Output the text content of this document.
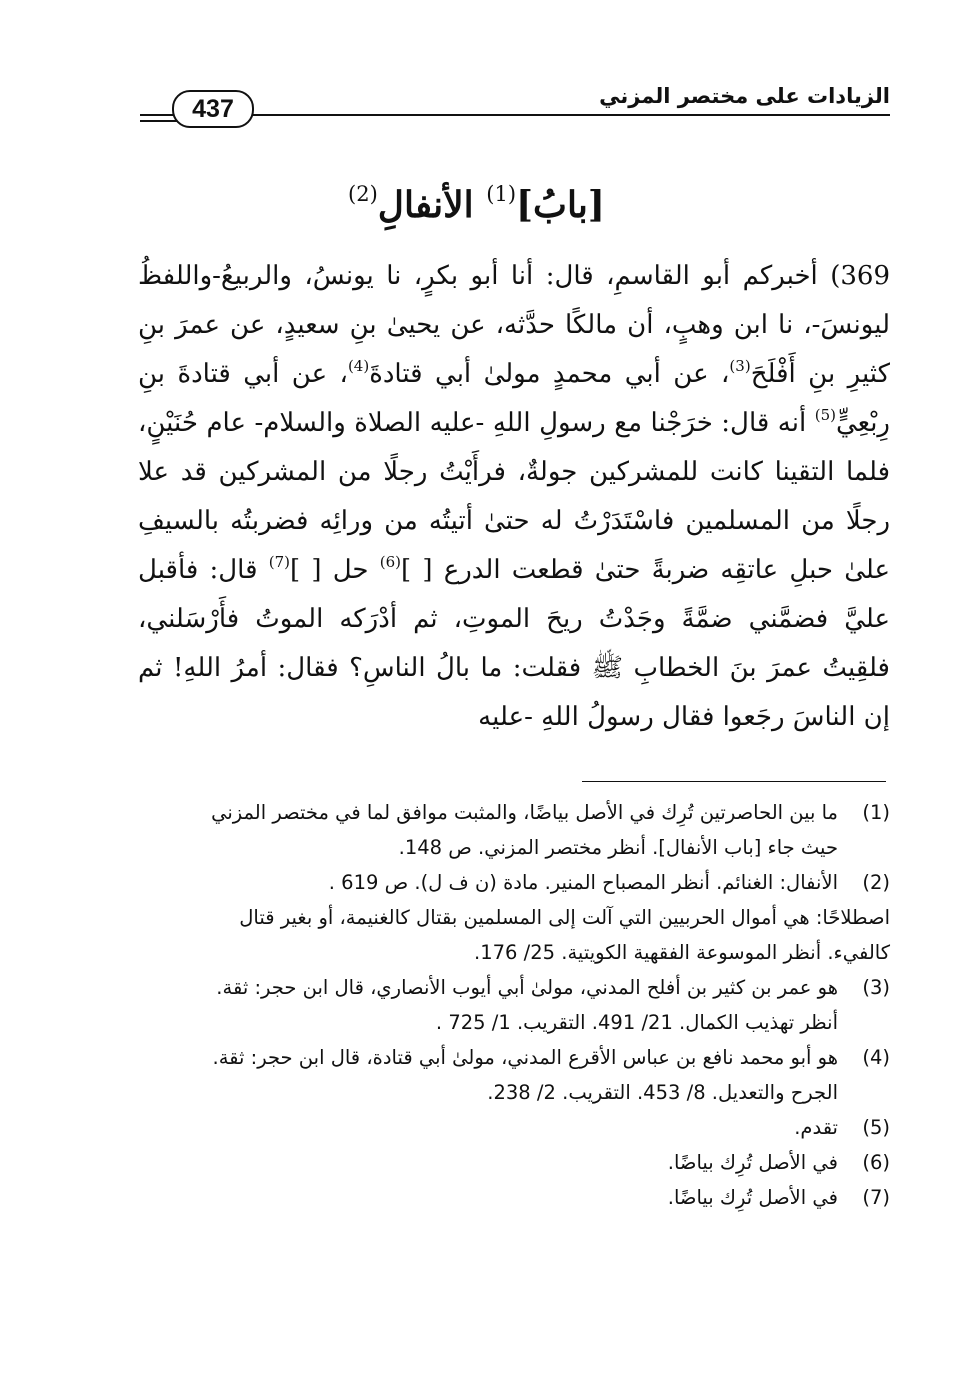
437	الزيادات على مختصر المزني
[بابُ]$^{(1)}$ الأنفالِ$^{(2)}$

369) أخبركم أبو القاسمِ، قال: أنا أبو بكرٍ، نا يونسُ، والربيعُ-واللفظُ ليونسَ-، نا ابن وهبٍ، أن مالكًا حدَّثه، عن يحيىٰ بنِ سعيدٍ، عن عمرَ بنِ كثيرِ بنِ أَفْلَحَ$^{(3)}$، عن أبي محمدٍ مولىٰ أبي قتادةَ$^{(4)}$، عن أبي قتادةَ بنِ رِبْعِيٍّ$^{(5)}$ أنه قال: خرَجْنا مع رسولِ اللهِ -عليه الصلاة والسلام- عام حُنَيْنٍ، فلما التقينا كانت للمشركين جولةٌ، فرأَيْتُ رجلًا من المشركين قد علا رجلًا من المسلمين فاسْتَدَرْتُ له حتىٰ أتيتُه من ورائِه فضربتُه بالسيفِ علىٰ حبلِ عاتقِه ضربةً حتىٰ قطعت الدرع [ ]$^{(6)}$ حل [ ]$^{(7)}$ قال: فأقبل عليَّ فضمَّني ضمَّةً وجَدْتُ ريحَ الموتِ، ثم أدْرَكه الموتُ فأَرْسَلني، فلقِيتُ عمرَ بنَ الخطابِ ﷺ فقلت: ما بالُ الناسِ؟ فقال: أمرُ اللهِ! ثم إن الناسَ رجَعوا فقال رسولُ اللهِ -عليه

(1)
ما بين الحاصرتين تُرِك في الأصل بياضًا، والمثبت موافق لما في مختصر المزني
حيث جاء [باب الأنفال]. أنظر مختصر المزني. ص 148.
(2)
الأنفال: الغنائم. أنظر المصباح المنير. مادة (ن ف ل). ص 619 .
اصطلاحًا: هي أموال الحربيين التي آلت إلى المسلمين بقتال كالغنيمة، أو بغير قتال
كالفيء. أنظر الموسوعة الفقهية الكويتية. 25/ 176.
(3)
هو عمر بن كثير بن أفلح المدني، مولىٰ أبي أيوب الأنصاري، قال ابن حجر: ثقة.
أنظر تهذيب الكمال. 21/ 491. التقريب. 1/ 725 .
(4)
هو أبو محمد نافع بن عباس الأقرع المدني، مولىٰ أبي قتادة، قال ابن حجر: ثقة.
الجرح والتعديل. 8/ 453. التقريب. 2/ 238.
(5)
تقدم.
(6)
في الأصل تُرِك بياضًا.
(7)
في الأصل تُرِك بياضًا.
